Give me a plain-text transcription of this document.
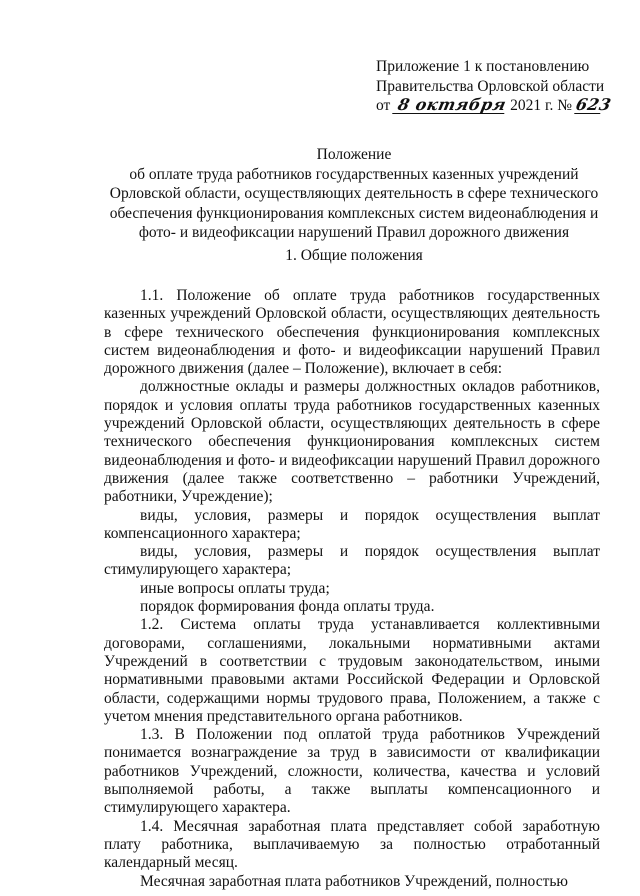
Приложение 1 к постановлению
Правительства Орловской области
от 8 октября 2021 г. № 623
Положение
об оплате труда работников государственных казенных учреждений
Орловской области, осуществляющих деятельность в сфере технического
обеспечения функционирования комплексных систем видеонаблюдения и
фото- и видеофиксации нарушений Правил дорожного движения
1. Общие положения

1.1. Положение об оплате труда работников государственных казенных учреждений Орловской области, осуществляющих деятельность в сфере технического обеспечения функционирования комплексных систем видеонаблюдения и фото- и видеофиксации нарушений Правил дорожного движения (далее – Положение), включает в себя:

должностные оклады и размеры должностных окладов работников, порядок и условия оплаты труда работников государственных казенных учреждений Орловской области, осуществляющих деятельность в сфере технического обеспечения функционирования комплексных систем видеонаблюдения и фото- и видеофиксации нарушений Правил дорожного движения (далее также соответственно – работники Учреждений, работники, Учреждение);

виды, условия, размеры и порядок осуществления выплат компенсационного характера;

виды, условия, размеры и порядок осуществления выплат стимулирующего характера;

иные вопросы оплаты труда;

порядок формирования фонда оплаты труда.

1.2. Система оплаты труда устанавливается коллективными договорами, соглашениями, локальными нормативными актами Учреждений в соответствии с трудовым законодательством, иными нормативными правовыми актами Российской Федерации и Орловской области, содержащими нормы трудового права, Положением, а также с учетом мнения представительного органа работников.

1.3. В Положении под оплатой труда работников Учреждений понимается вознаграждение за труд в зависимости от квалификации работников Учреждений, сложности, количества, качества и условий выполняемой работы, а также выплаты компенсационного и стимулирующего характера.

1.4. Месячная заработная плата представляет собой заработную плату работника, выплачиваемую за полностью отработанный календарный месяц.

Месячная заработная плата работников Учреждений, полностью
